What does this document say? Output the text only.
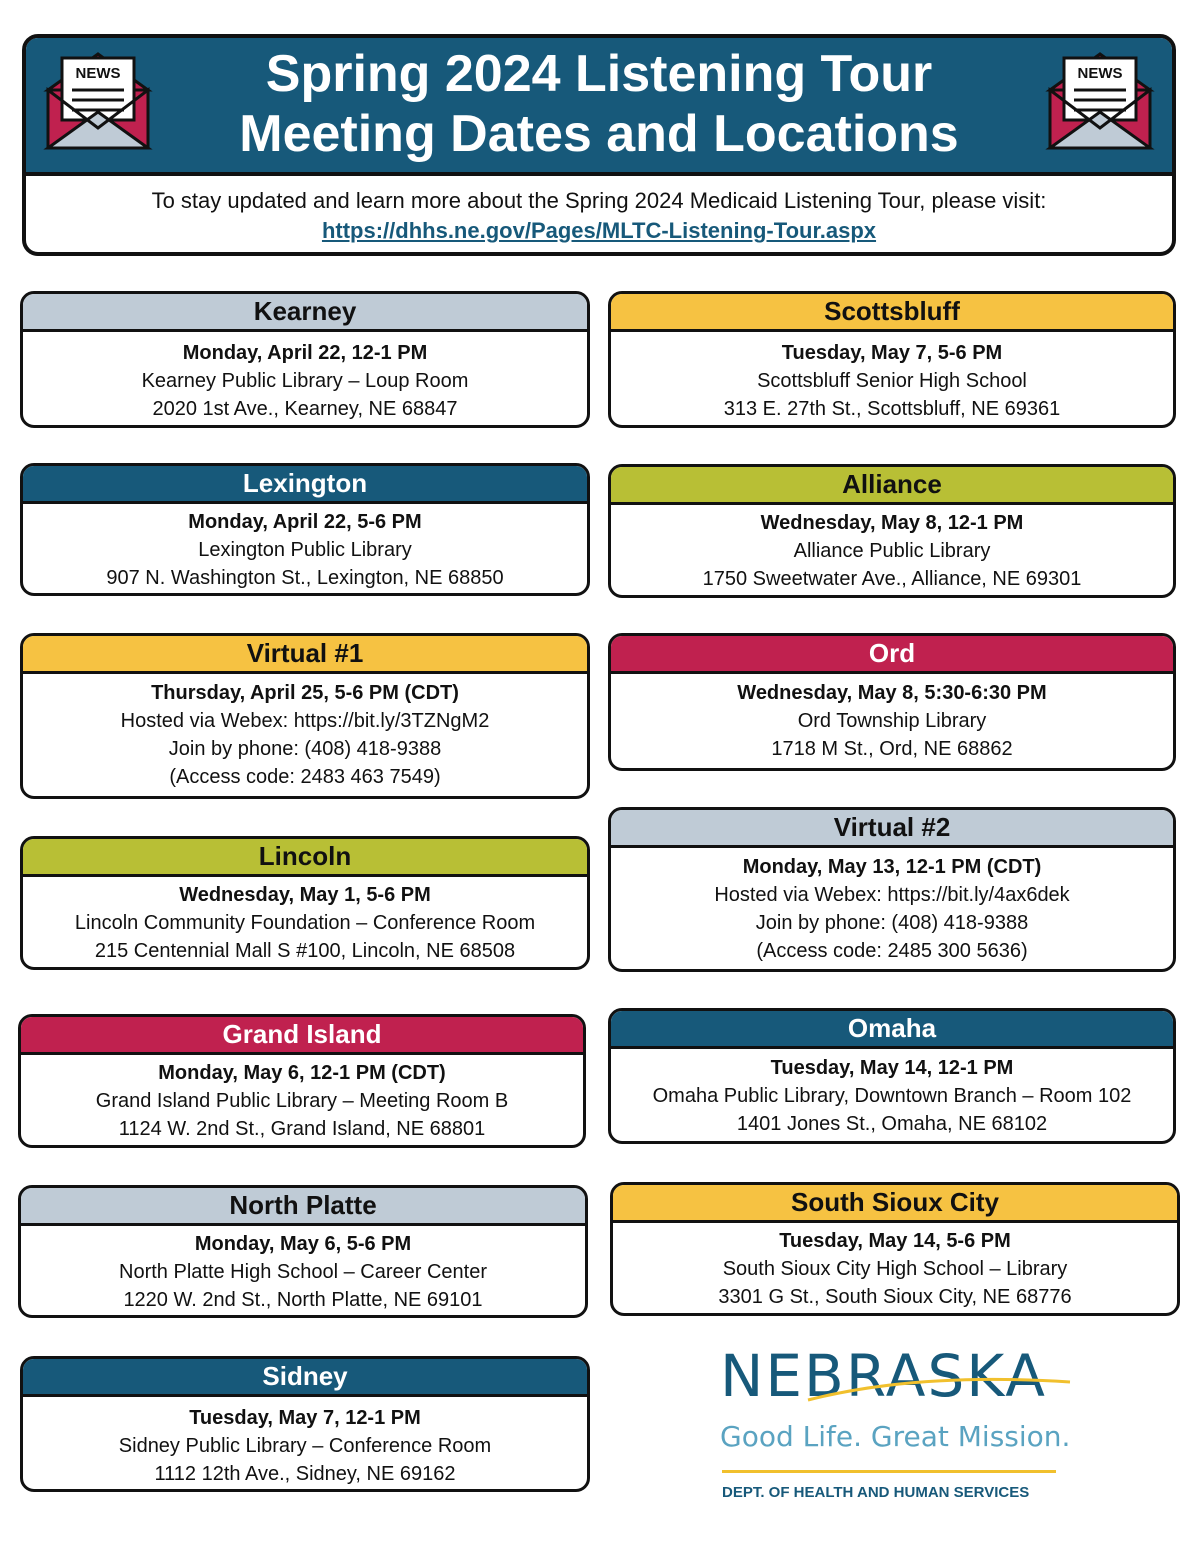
NEWS	Spring 2024 Listening Tour
Meeting Dates and Locations
NEWS
To stay updated and learn more about the Spring 2024 Medicaid Listening Tour, please visit:
https://dhhs.ne.gov/Pages/MLTC-Listening-Tour.aspx
Kearney
Monday, April 22, 12-1 PM
Kearney Public Library – Loup Room
2020 1st Ave., Kearney, NE 68847
Lexington
Monday, April 22, 5-6 PM
Lexington Public Library
907 N. Washington St., Lexington, NE 68850
Virtual #1
Thursday, April 25, 5-6 PM (CDT)
Hosted via Webex: https://bit.ly/3TZNgM2
Join by phone: (408) 418-9388
(Access code: 2483 463 7549)
Lincoln
Wednesday, May 1, 5-6 PM
Lincoln Community Foundation – Conference Room
215 Centennial Mall S #100, Lincoln, NE 68508
Grand Island
Monday, May 6, 12-1 PM (CDT)
Grand Island Public Library – Meeting Room B
1124 W. 2nd St., Grand Island, NE 68801
North Platte
Monday, May 6, 5-6 PM
North Platte High School – Career Center
1220 W. 2nd St., North Platte, NE 69101
Sidney
Tuesday, May 7, 12-1 PM
Sidney Public Library – Conference Room
1112 12th Ave., Sidney, NE 69162
Scottsbluff
Tuesday, May 7, 5-6 PM
Scottsbluff Senior High School
313 E. 27th St., Scottsbluff, NE 69361
Alliance
Wednesday, May 8, 12-1 PM
Alliance Public Library
1750 Sweetwater Ave., Alliance, NE 69301
Ord
Wednesday, May 8, 5:30-6:30 PM
Ord Township Library
1718 M St., Ord, NE 68862
Virtual #2
Monday, May 13, 12-1 PM (CDT)
Hosted via Webex: https://bit.ly/4ax6dek
Join by phone: (408) 418-9388
(Access code: 2485 300 5636)
Omaha
Tuesday, May 14, 12-1 PM
Omaha Public Library, Downtown Branch – Room 102
1401 Jones St., Omaha, NE 68102
South Sioux City
Tuesday, May 14, 5-6 PM
South Sioux City High School – Library
3301 G St., South Sioux City, NE 68776
NEBRASKA
Good Life. Great Mission.
DEPT. OF HEALTH AND HUMAN SERVICES
